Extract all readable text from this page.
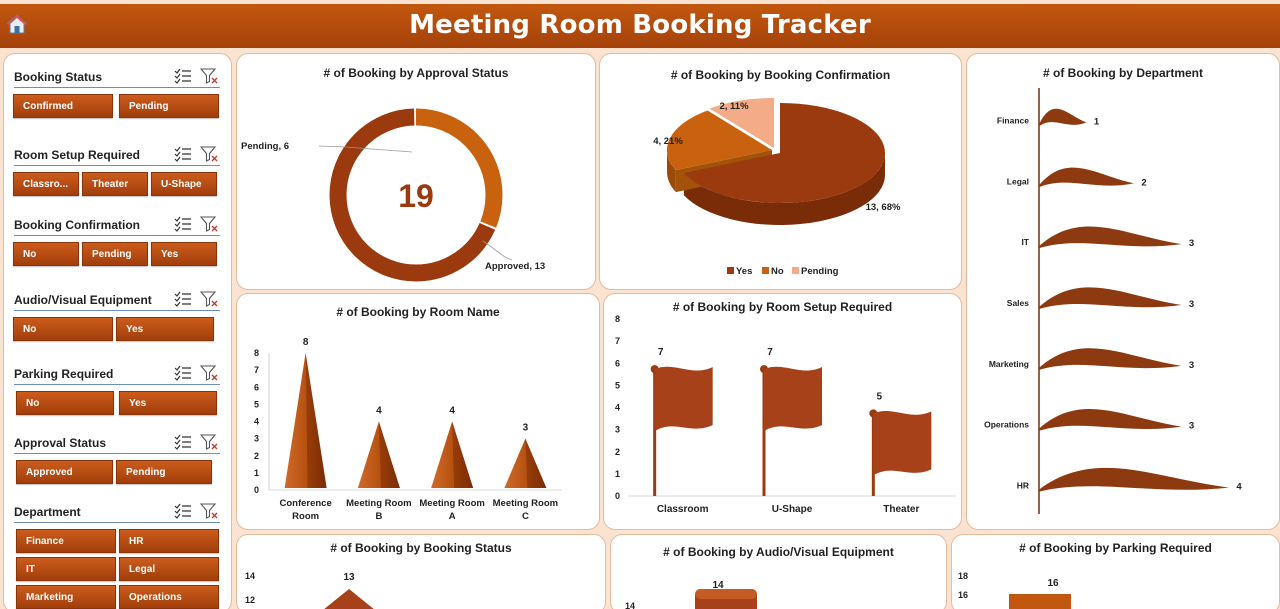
Meeting Room Booking Tracker
Booking Status
Confirmed	Pending
Room Setup Required
Classro...	Theater	U-Shape
Booking Confirmation
No	Pending	Yes
Audio/Visual Equipment
No	Yes
Parking Required
No	Yes
Approval Status
Approved	Pending
Department
Finance	HR
IT	Legal
Marketing	Operations
# of Booking by Approval Status
19
Pending, 6
Approved, 13
# of Booking by Booking Confirmation
13, 68%
4, 21%
2, 11%
Yes No Pending
# of Booking by Department
Finance	1
Legal	2
IT	3
Sales	3
Marketing	3
Operations	3
HR	4
# of Booking by Room Name
0
1
2
3
4
5
6
7
8
8
Conference
Room
4
Meeting Room
B
4
Meeting Room
A
3
Meeting Room
C
# of Booking by Room Setup Required
0
1
2
3
4
5
6
7
8
7
Classroom
7
U-Shape
5
Theater
# of Booking by Booking Status
14
12
13
# of Booking by Audio/Visual Equipment
14
14
# of Booking by Parking Required
18
16
16
